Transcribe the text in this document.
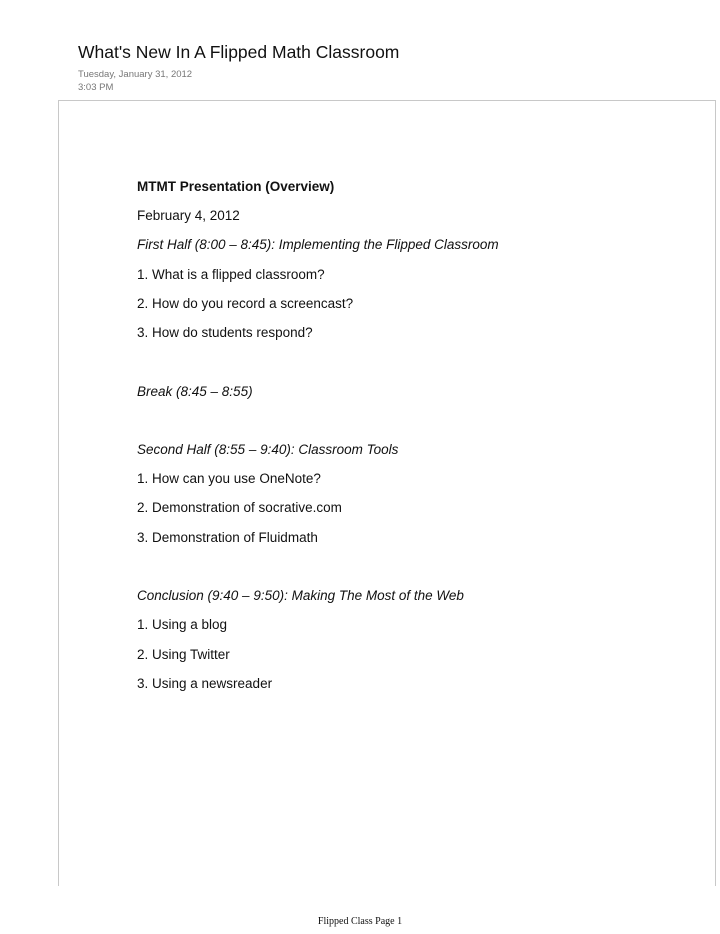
What's New In A Flipped Math Classroom
Tuesday, January 31, 2012
3:03 PM
MTMT Presentation (Overview)
February 4, 2012
First Half (8:00 – 8:45): Implementing the Flipped Classroom
1. What is a flipped classroom?
2. How do you record a screencast?
3. How do students respond?
Break (8:45 – 8:55)
Second Half (8:55 – 9:40): Classroom Tools
1. How can you use OneNote?
2. Demonstration of socrative.com
3. Demonstration of Fluidmath
Conclusion (9:40 – 9:50): Making The Most of the Web
1. Using a blog
2. Using Twitter
3. Using a newsreader
Flipped Class Page 1
